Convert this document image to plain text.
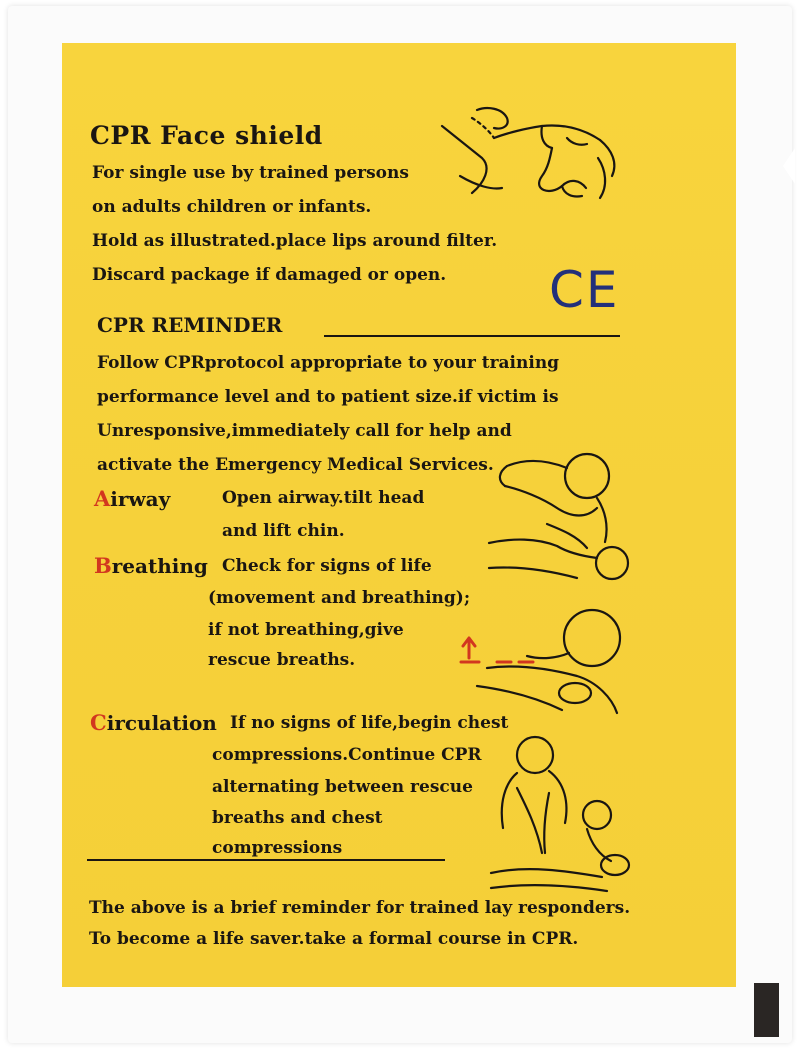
CPR Face shield
For single use by trained persons
on adults children or infants.
Hold as illustrated.place lips around filter.
Discard package if damaged or open. CE
CPR REMINDER
Follow CPRprotocol appropriate to your training
performance level and to patient size.if victim is
Unresponsive,immediately call for help and
activate the Emergency Medical Services.
Airway	Open airway.tilt head
and lift chin.
Breathing Check for signs of life
(movement and breathing);
if not breathing,give
rescue breaths.
Circulation If no signs of life,begin chest
compressions.Continue CPR
alternating between rescue
breaths and chest
compressions
The above is a brief reminder for trained lay responders.
To become a life saver.take a formal course in CPR.
